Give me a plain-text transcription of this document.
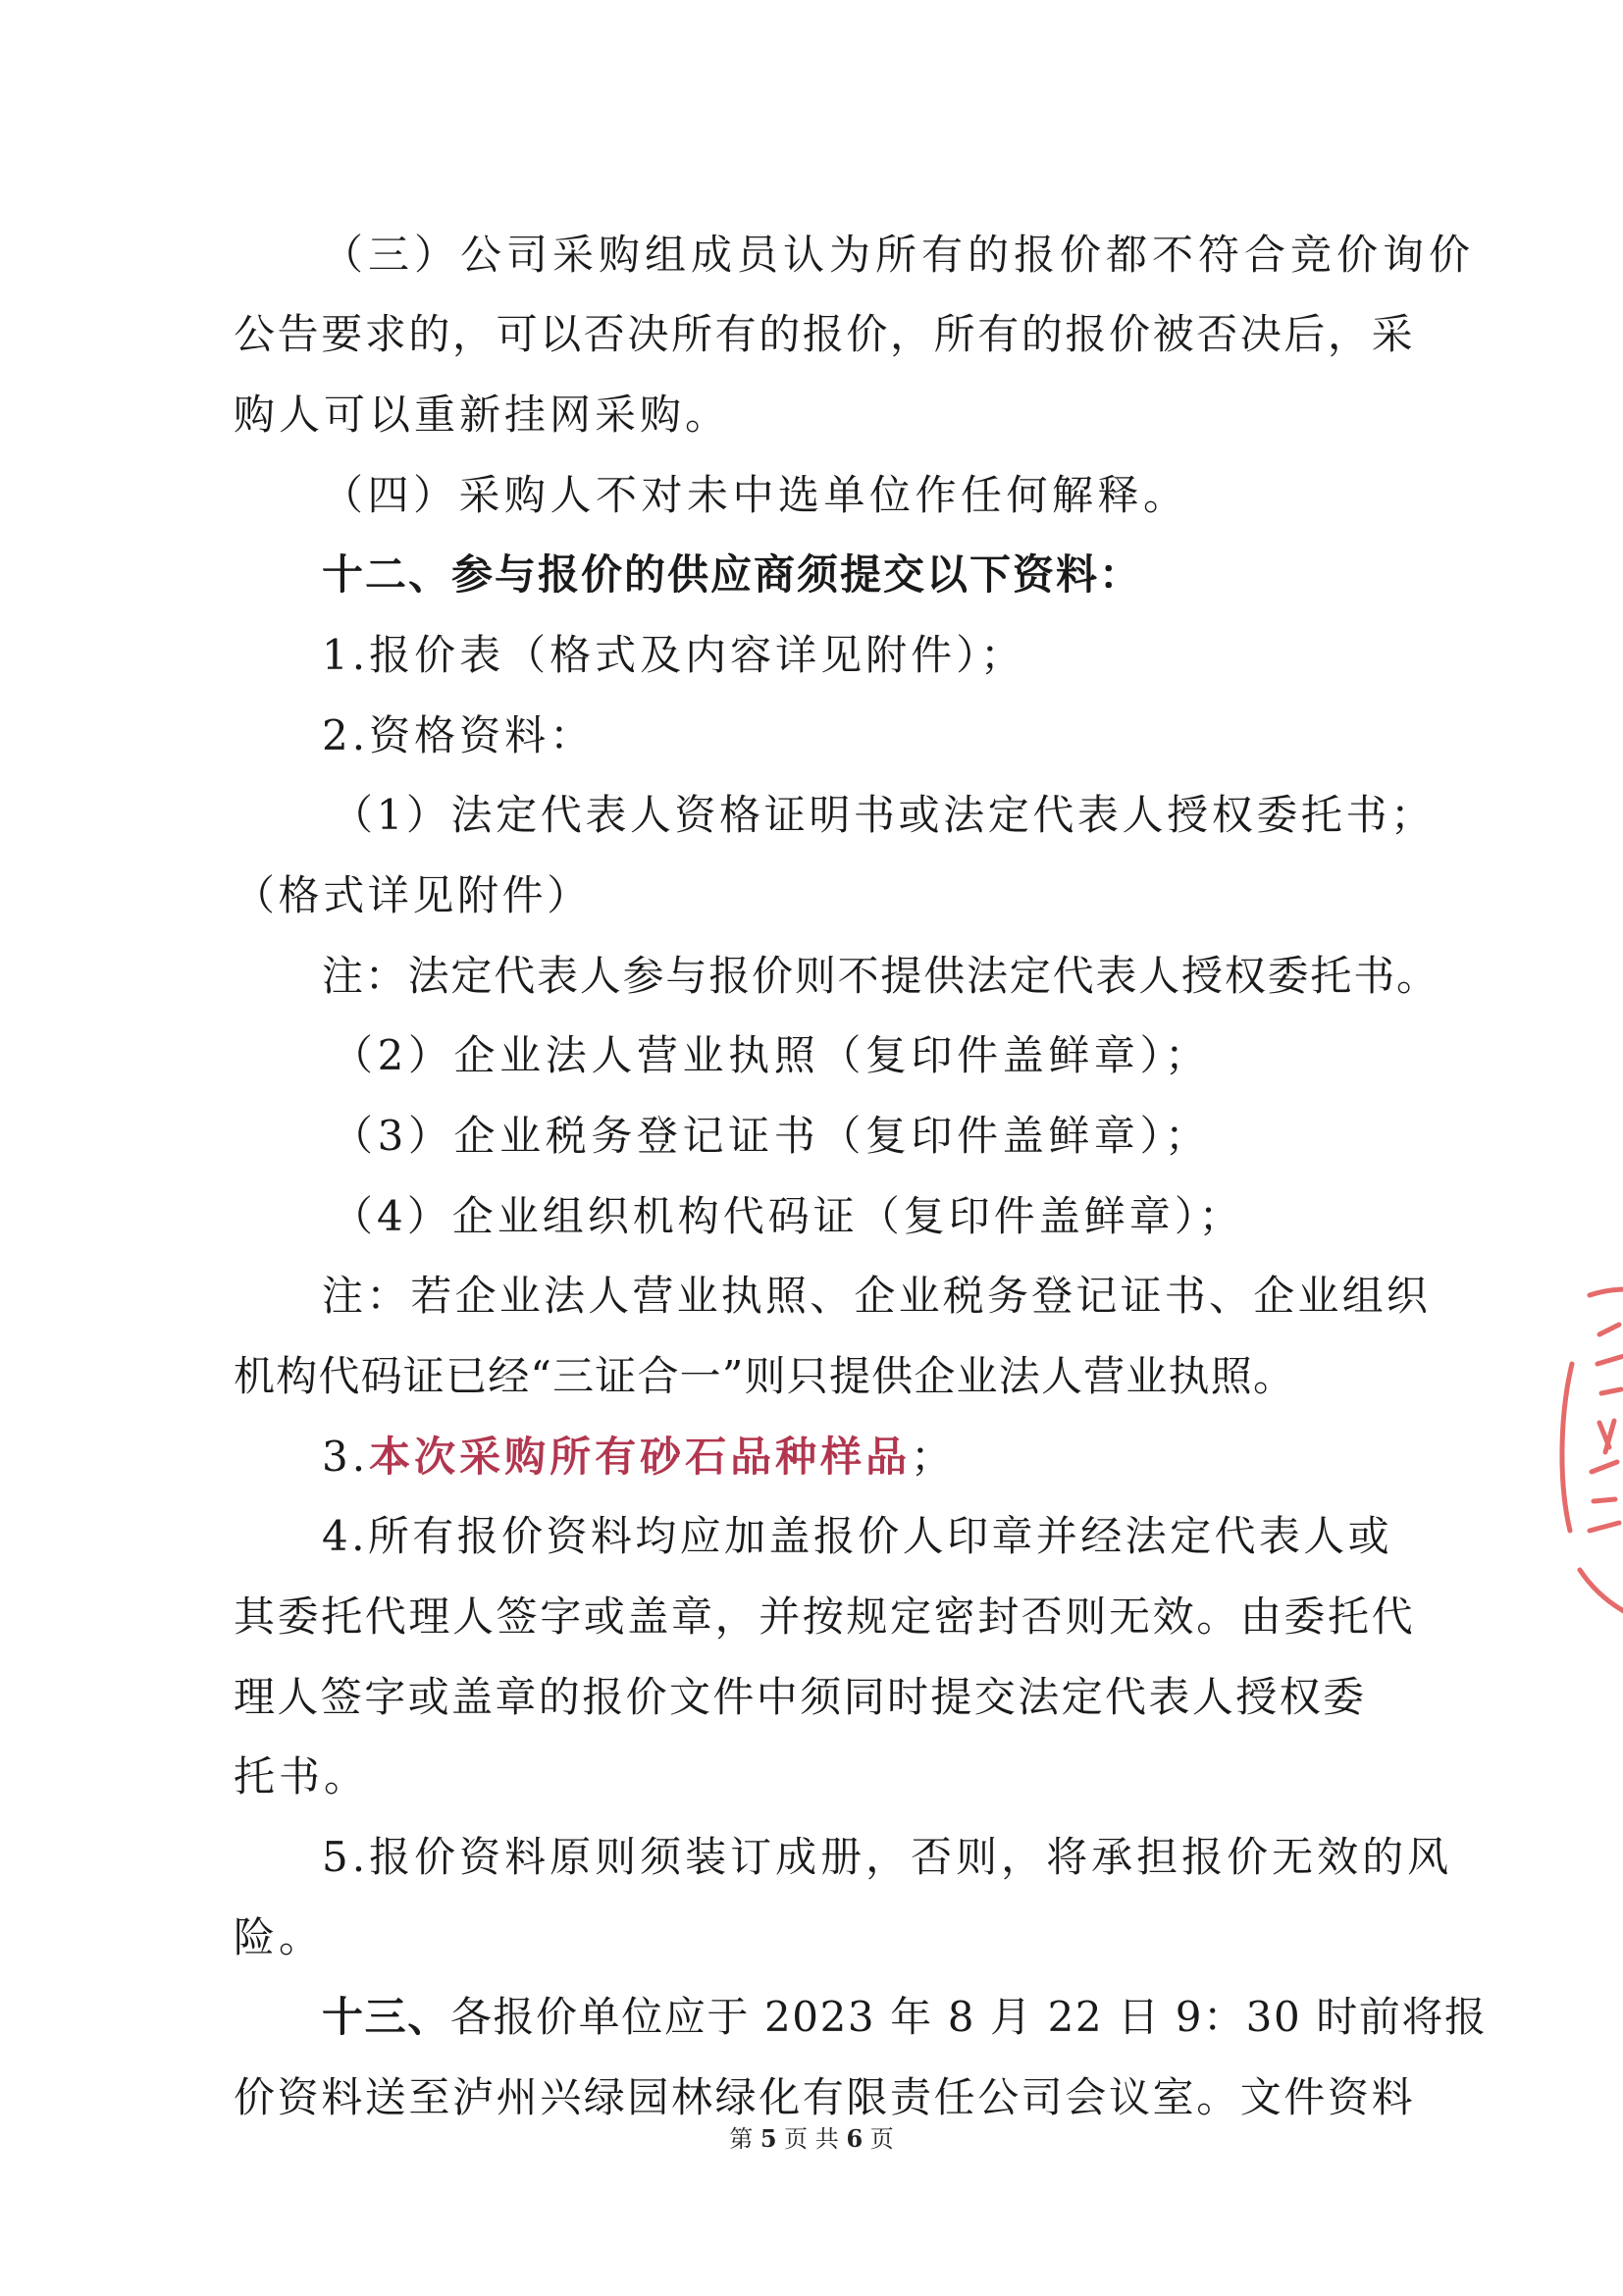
（三）公司采购组成员认为所有的报价都不符合竞价询价
公告要求的，可以否决所有的报价，所有的报价被否决后，采
购人可以重新挂网采购。
（四）采购人不对未中选单位作任何解释。
十二、参与报价的供应商须提交以下资料：
1.报价表（格式及内容详见附件）；
2.资格资料：
（1）法定代表人资格证明书或法定代表人授权委托书；
（格式详见附件）
注：法定代表人参与报价则不提供法定代表人授权委托书。
（2）企业法人营业执照（复印件盖鲜章）；
（3）企业税务登记证书（复印件盖鲜章）；
（4）企业组织机构代码证（复印件盖鲜章）；
注：若企业法人营业执照、企业税务登记证书、企业组织
机构代码证已经“三证合一”则只提供企业法人营业执照。
3.本次采购所有砂石品种样品；
4.所有报价资料均应加盖报价人印章并经法定代表人或
其委托代理人签字或盖章，并按规定密封否则无效。由委托代
理人签字或盖章的报价文件中须同时提交法定代表人授权委
托书。
5.报价资料原则须装订成册，否则，将承担报价无效的风
险。
十三、各报价单位应于 2023 年 8 月 22 日 9：30 时前将报
价资料送至泸州兴绿园林绿化有限责任公司会议室。文件资料
第 5 页 共 6 页
